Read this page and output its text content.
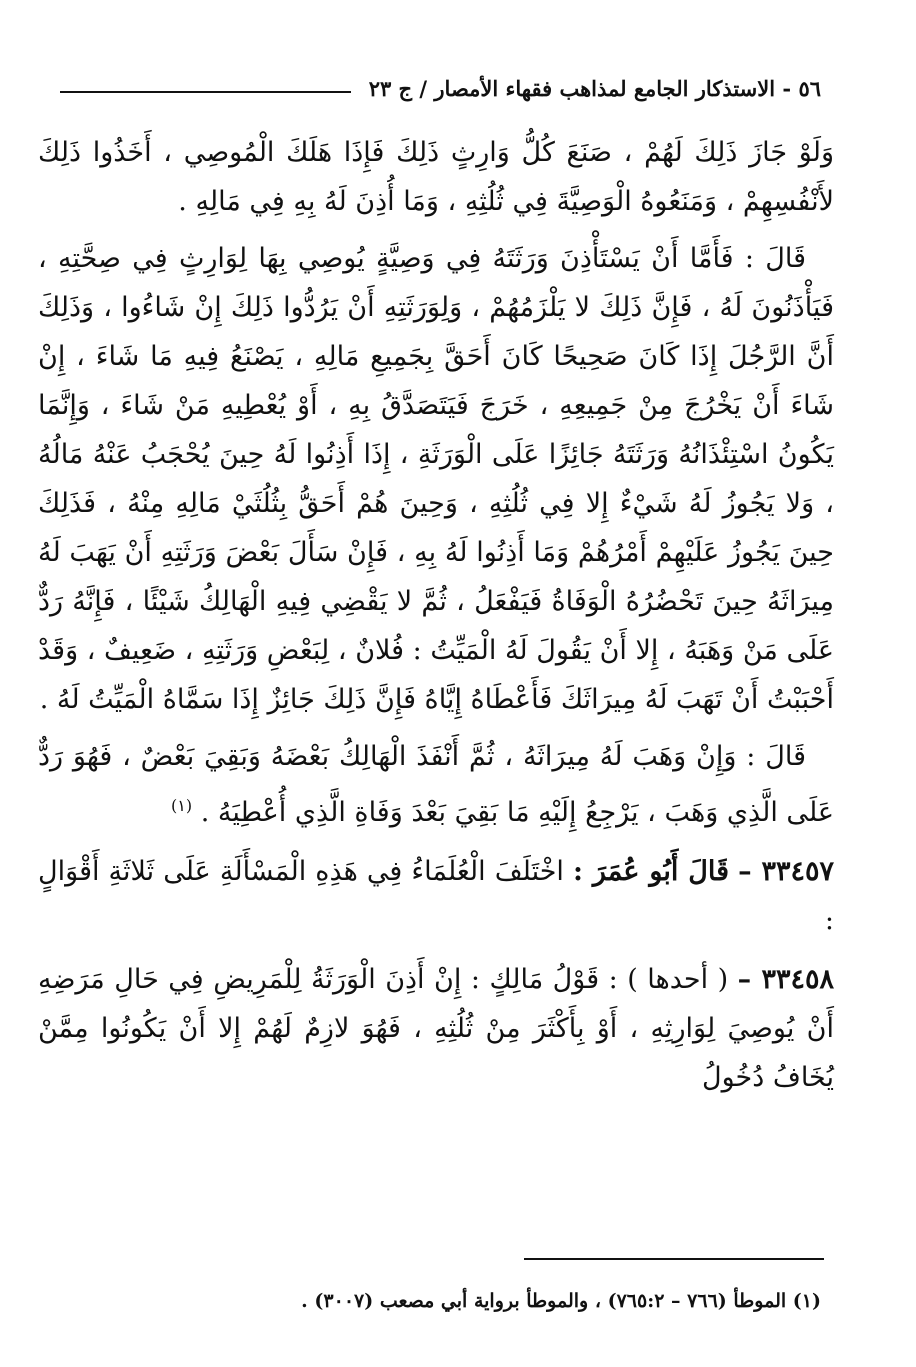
٥٦ - الاستذكار الجامع لمذاهب فقهاء الأمصار / ج ٢٣

وَلَوْ جَازَ ذَلِكَ لَهُمْ ، صَنَعَ كُلُّ وَارِثٍ ذَلِكَ فَإِذَا هَلَكَ الْمُوصِي ، أَخَذُوا ذَلِكَ لأَنْفُسِهِمْ ، وَمَنَعُوهُ الْوَصِيَّةَ فِي ثُلُثِهِ ، وَمَا أُذِنَ لَهُ بِهِ فِي مَالِهِ .

قَالَ : فَأَمَّا أَنْ يَسْتَأْذِنَ وَرَثَتَهُ فِي وَصِيَّةٍ يُوصِي بِهَا لِوَارِثٍ فِي صِحَّتِهِ ، فَيَأْذَنُونَ لَهُ ، فَإِنَّ ذَلِكَ لا يَلْزَمُهُمْ ، وَلِوَرَثَتِهِ أَنْ يَرُدُّوا ذَلِكَ إِنْ شَاءُوا ، وَذَلِكَ أَنَّ الرَّجُلَ إِذَا كَانَ صَحِيحًا كَانَ أَحَقَّ بِجَمِيعِ مَالِهِ ، يَصْنَعُ فِيهِ مَا شَاءَ ، إِنْ شَاءَ أَنْ يَخْرُجَ مِنْ جَمِيعِهِ ، خَرَجَ فَيَتَصَدَّقُ بِهِ ، أَوْ يُعْطِيهِ مَنْ شَاءَ ، وَإِنَّمَا يَكُونُ اسْتِئْذَانُهُ وَرَثَتَهُ جَائِزًا عَلَى الْوَرَثَةِ ، إِذَا أَذِنُوا لَهُ حِينَ يُحْجَبُ عَنْهُ مَالُهُ ، وَلا يَجُوزُ لَهُ شَيْءٌ إِلا فِي ثُلُثِهِ ، وَحِينَ هُمْ أَحَقُّ بِثُلُثَيْ مَالِهِ مِنْهُ ، فَذَلِكَ حِينَ يَجُوزُ عَلَيْهِمْ أَمْرُهُمْ وَمَا أَذِنُوا لَهُ بِهِ ، فَإِنْ سَأَلَ بَعْضَ وَرَثَتِهِ أَنْ يَهَبَ لَهُ مِيرَاثَهُ حِينَ تَحْضُرُهُ الْوَفَاةُ فَيَفْعَلُ ، ثُمَّ لا يَقْضِي فِيهِ الْهَالِكُ شَيْئًا ، فَإِنَّهُ رَدٌّ عَلَى مَنْ وَهَبَهُ ، إِلا أَنْ يَقُولَ لَهُ الْمَيِّتُ : فُلانٌ ، لِبَعْضِ وَرَثَتِهِ ، ضَعِيفٌ ، وَقَدْ أَحْبَبْتُ أَنْ تَهَبَ لَهُ مِيرَاثَكَ فَأَعْطَاهُ إِيَّاهُ فَإِنَّ ذَلِكَ جَائِزٌ إِذَا سَمَّاهُ الْمَيِّتُ لَهُ .

قَالَ : وَإِنْ وَهَبَ لَهُ مِيرَاثَهُ ، ثُمَّ أَنْفَذَ الْهَالِكُ بَعْضَهُ وَبَقِيَ بَعْضٌ ، فَهُوَ رَدٌّ عَلَى الَّذِي وَهَبَ ، يَرْجِعُ إِلَيْهِ مَا بَقِيَ بَعْدَ وَفَاةِ الَّذِي أُعْطِيَهُ . $^{(١)}$

٣٣٤٥٧ – قَالَ أَبُو عُمَرَ : اخْتَلَفَ الْعُلَمَاءُ فِي هَذِهِ الْمَسْأَلَةِ عَلَى ثَلاثَةِ أَقْوَالٍ :

٣٣٤٥٨ – ( أحدها ) : قَوْلُ مَالِكٍ : إِنْ أَذِنَ الْوَرَثَةُ لِلْمَرِيضِ فِي حَالِ مَرَضِهِ أَنْ يُوصِيَ لِوَارِثِهِ ، أَوْ بِأَكْثَرَ مِنْ ثُلُثِهِ ، فَهُوَ لازِمٌ لَهُمْ إِلا أَنْ يَكُونُوا مِمَّنْ يُخَافُ دُخُولُ

(١) الموطأ (٧٦٦ – ٧٦٥:٢) ، والموطأ برواية أبي مصعب (٣٠٠٧) .
